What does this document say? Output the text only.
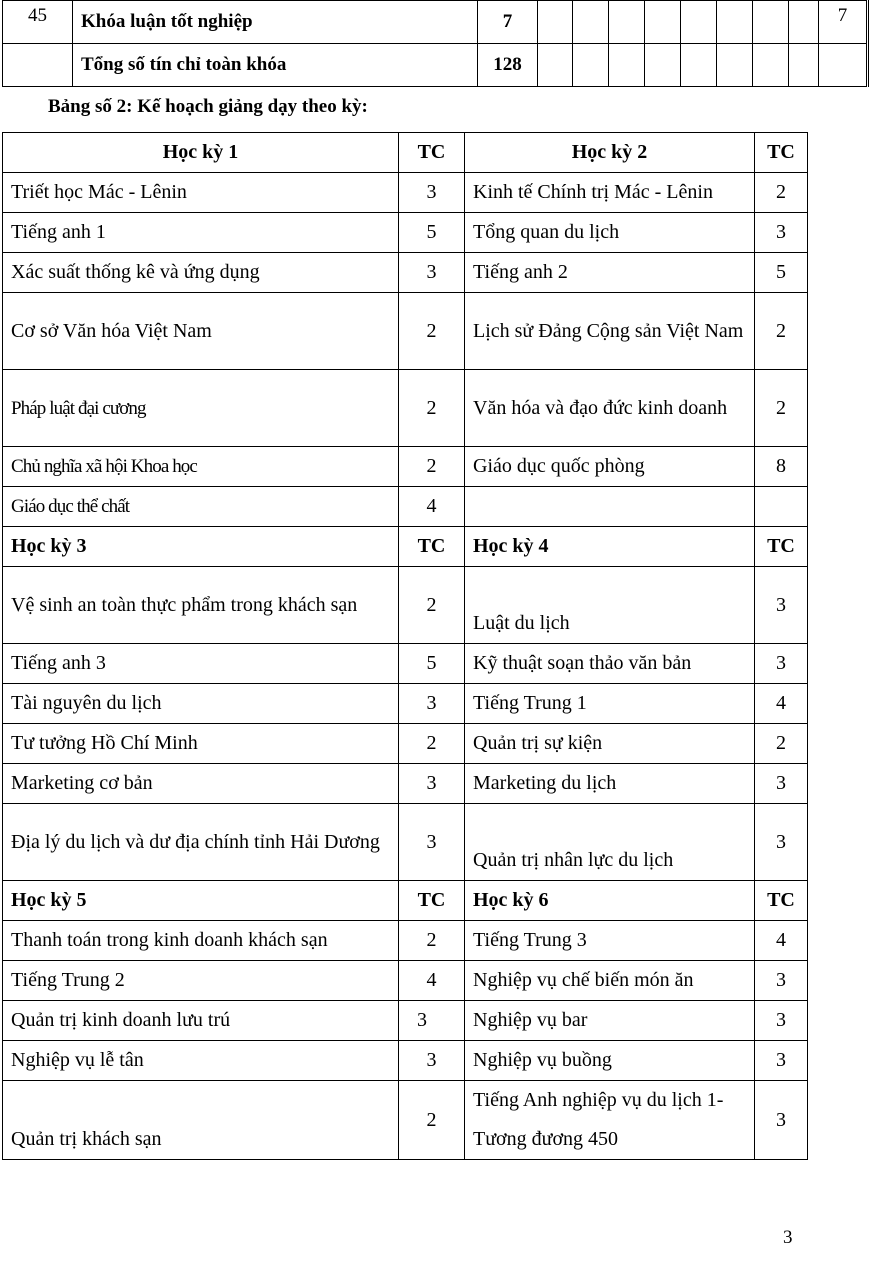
45	Khóa luận tốt nghiệp	7									7
	Tổng số tín chỉ toàn khóa	128									
Bảng số 2: Kế hoạch giảng dạy theo kỳ:
Học kỳ 1	TC	Học kỳ 2	TC
Triết học Mác - Lênin	3	Kinh tế Chính trị Mác - Lênin	2
Tiếng anh 1	5	Tổng quan du lịch	3
Xác suất thống kê và ứng dụng	3	Tiếng anh 2	5
Cơ sở Văn hóa Việt Nam	2	Lịch sử Đảng Cộng sản Việt Nam	2
Pháp luật đại cương	2	Văn hóa và đạo đức kinh doanh	2
Chủ nghĩa xã hội Khoa học	2	Giáo dục quốc phòng	8
Giáo dục thể chất	4		
Học kỳ 3	TC	Học kỳ 4	TC
Vệ sinh an toàn thực phẩm trong khách sạn	2	Luật du lịch	3
Tiếng anh 3	5	Kỹ thuật soạn thảo văn bản	3
Tài nguyên du lịch	3	Tiếng Trung 1	4
Tư tưởng Hồ Chí Minh	2	Quản trị sự kiện	2
Marketing cơ bản	3	Marketing du lịch	3
Địa lý du lịch và dư địa chính tỉnh Hải Dương	3	Quản trị nhân lực du lịch	3
Học kỳ 5	TC	Học kỳ 6	TC
Thanh toán trong kinh doanh khách sạn	2	Tiếng Trung 3	4
Tiếng Trung 2	4	Nghiệp vụ chế biến món ăn	3
Quản trị kinh doanh lưu trú	3	Nghiệp vụ bar	3
Nghiệp vụ lễ tân	3	Nghiệp vụ buồng	3
Quản trị khách sạn	2	Tiếng Anh nghiệp vụ du lịch 1- Tương đương 450	3
3
